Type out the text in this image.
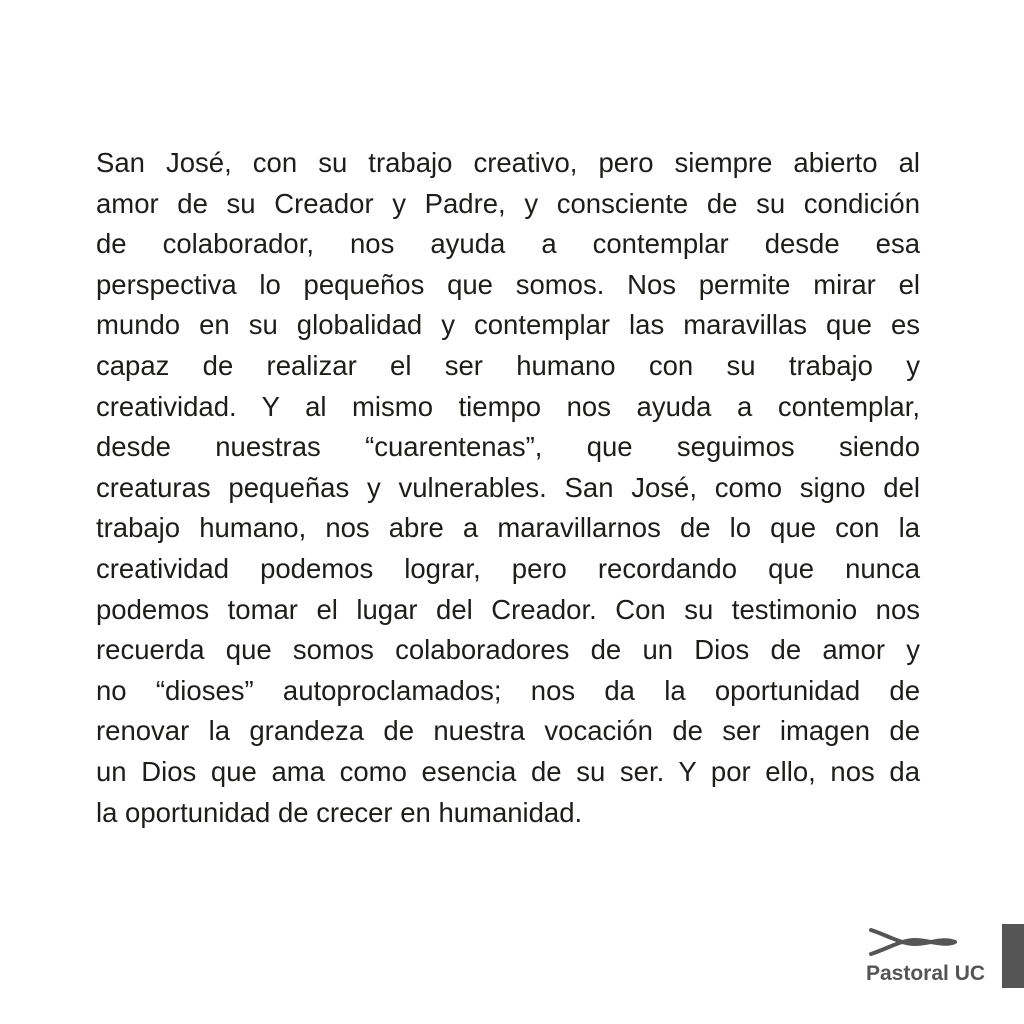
San José, con su trabajo creativo, pero siempre abierto al
amor de su Creador y Padre, y consciente de su condición
de colaborador, nos ayuda a contemplar desde esa
perspectiva lo pequeños que somos. Nos permite mirar el
mundo en su globalidad y contemplar las maravillas que es
capaz de realizar el ser humano con su trabajo y
creatividad. Y al mismo tiempo nos ayuda a contemplar,
desde nuestras “cuarentenas”, que seguimos siendo
creaturas pequeñas y vulnerables. San José, como signo del
trabajo humano, nos abre a maravillarnos de lo que con la
creatividad podemos lograr, pero recordando que nunca
podemos tomar el lugar del Creador. Con su testimonio nos
recuerda que somos colaboradores de un Dios de amor y
no “dioses” autoproclamados; nos da la oportunidad de
renovar la grandeza de nuestra vocación de ser imagen de
un Dios que ama como esencia de su ser. Y por ello, nos da
la oportunidad de crecer en humanidad.
Pastoral UC
